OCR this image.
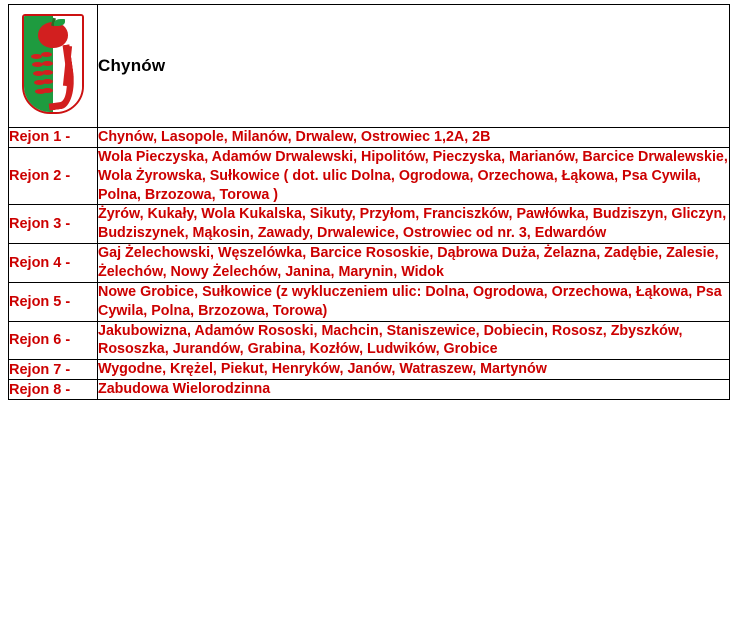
	Chynów
Rejon 1 -	Chynów, Lasopole, Milanów, Drwalew, Ostrowiec 1,2A, 2B
Rejon 2 -	Wola Pieczyska, Adamów Drwalewski, Hipolitów, Pieczyska, Marianów, Barcice Drwalewskie, Wola Żyrowska, Sułkowice ( dot. ulic Dolna, Ogrodowa, Orzechowa, Łąkowa, Psa Cywila, Polna, Brzozowa, Torowa )
Rejon 3 -	Żyrów, Kukały, Wola Kukalska, Sikuty, Przyłom, Franciszków, Pawłówka, Budziszyn, Gliczyn, Budziszynek, Mąkosin, Zawady, Drwalewice, Ostrowiec od nr. 3, Edwardów
Rejon 4 -	Gaj Żelechowski, Węszelówka, Barcice Rososkie, Dąbrowa Duża, Żelazna, Zadębie, Zalesie, Żelechów, Nowy Żelechów, Janina, Marynin, Widok
Rejon 5 -	Nowe Grobice, Sułkowice (z wykluczeniem ulic: Dolna, Ogrodowa, Orzechowa, Łąkowa, Psa Cywila, Polna, Brzozowa, Torowa)
Rejon 6 -	Jakubowizna, Adamów Rososki, Machcin, Staniszewice, Dobiecin, Rososz, Zbyszków, Rososzka, Jurandów, Grabina, Kozłów, Ludwików, Grobice
Rejon 7 -	Wygodne, Krężel, Piekut, Henryków, Janów, Watraszew, Martynów
Rejon 8 -	Zabudowa Wielorodzinna
